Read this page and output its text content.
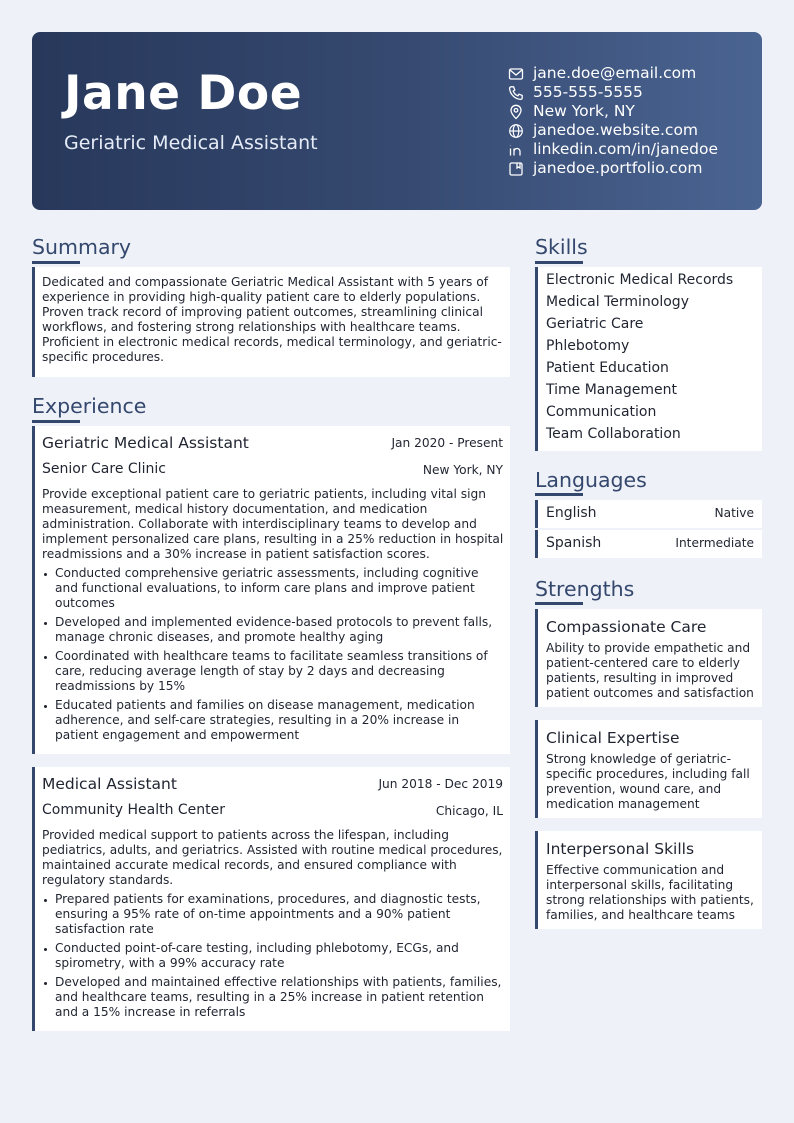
Jane Doe
Geriatric Medical Assistant
jane.doe@email.com
555-555-5555
New York, NY
janedoe.website.com
linkedin.com/in/janedoe
janedoe.portfolio.com
Summary
Dedicated and compassionate Geriatric Medical Assistant with 5 years of experience in providing high-quality patient care to elderly populations. Proven track record of improving patient outcomes, streamlining clinical workflows, and fostering strong relationships with healthcare teams. Proficient in electronic medical records, medical terminology, and geriatric-specific procedures.
Experience
Geriatric Medical Assistant	Jan 2020 - Present
Senior Care Clinic	New York, NY
Provide exceptional patient care to geriatric patients, including vital sign measurement, medical history documentation, and medication administration. Collaborate with interdisciplinary teams to develop and implement personalized care plans, resulting in a 25% reduction in hospital readmissions and a 30% increase in patient satisfaction scores.
Conducted comprehensive geriatric assessments, including cognitive and functional evaluations, to inform care plans and improve patient outcomes
Developed and implemented evidence-based protocols to prevent falls, manage chronic diseases, and promote healthy aging
Coordinated with healthcare teams to facilitate seamless transitions of care, reducing average length of stay by 2 days and decreasing readmissions by 15%
Educated patients and families on disease management, medication adherence, and self-care strategies, resulting in a 20% increase in patient engagement and empowerment
Medical Assistant	Jun 2018 - Dec 2019
Community Health Center	Chicago, IL
Provided medical support to patients across the lifespan, including pediatrics, adults, and geriatrics. Assisted with routine medical procedures, maintained accurate medical records, and ensured compliance with regulatory standards.
Prepared patients for examinations, procedures, and diagnostic tests, ensuring a 95% rate of on-time appointments and a 90% patient satisfaction rate
Conducted point-of-care testing, including phlebotomy, ECGs, and spirometry, with a 99% accuracy rate
Developed and maintained effective relationships with patients, families, and healthcare teams, resulting in a 25% increase in patient retention and a 15% increase in referrals
Skills
Electronic Medical Records
Medical Terminology
Geriatric Care
Phlebotomy
Patient Education
Time Management
Communication
Team Collaboration
Languages
English	Native
Spanish	Intermediate
Strengths
Compassionate Care
Ability to provide empathetic and patient-centered care to elderly patients, resulting in improved patient outcomes and satisfaction
Clinical Expertise
Strong knowledge of geriatric-specific procedures, including fall prevention, wound care, and medication management
Interpersonal Skills
Effective communication and interpersonal skills, facilitating strong relationships with patients, families, and healthcare teams
